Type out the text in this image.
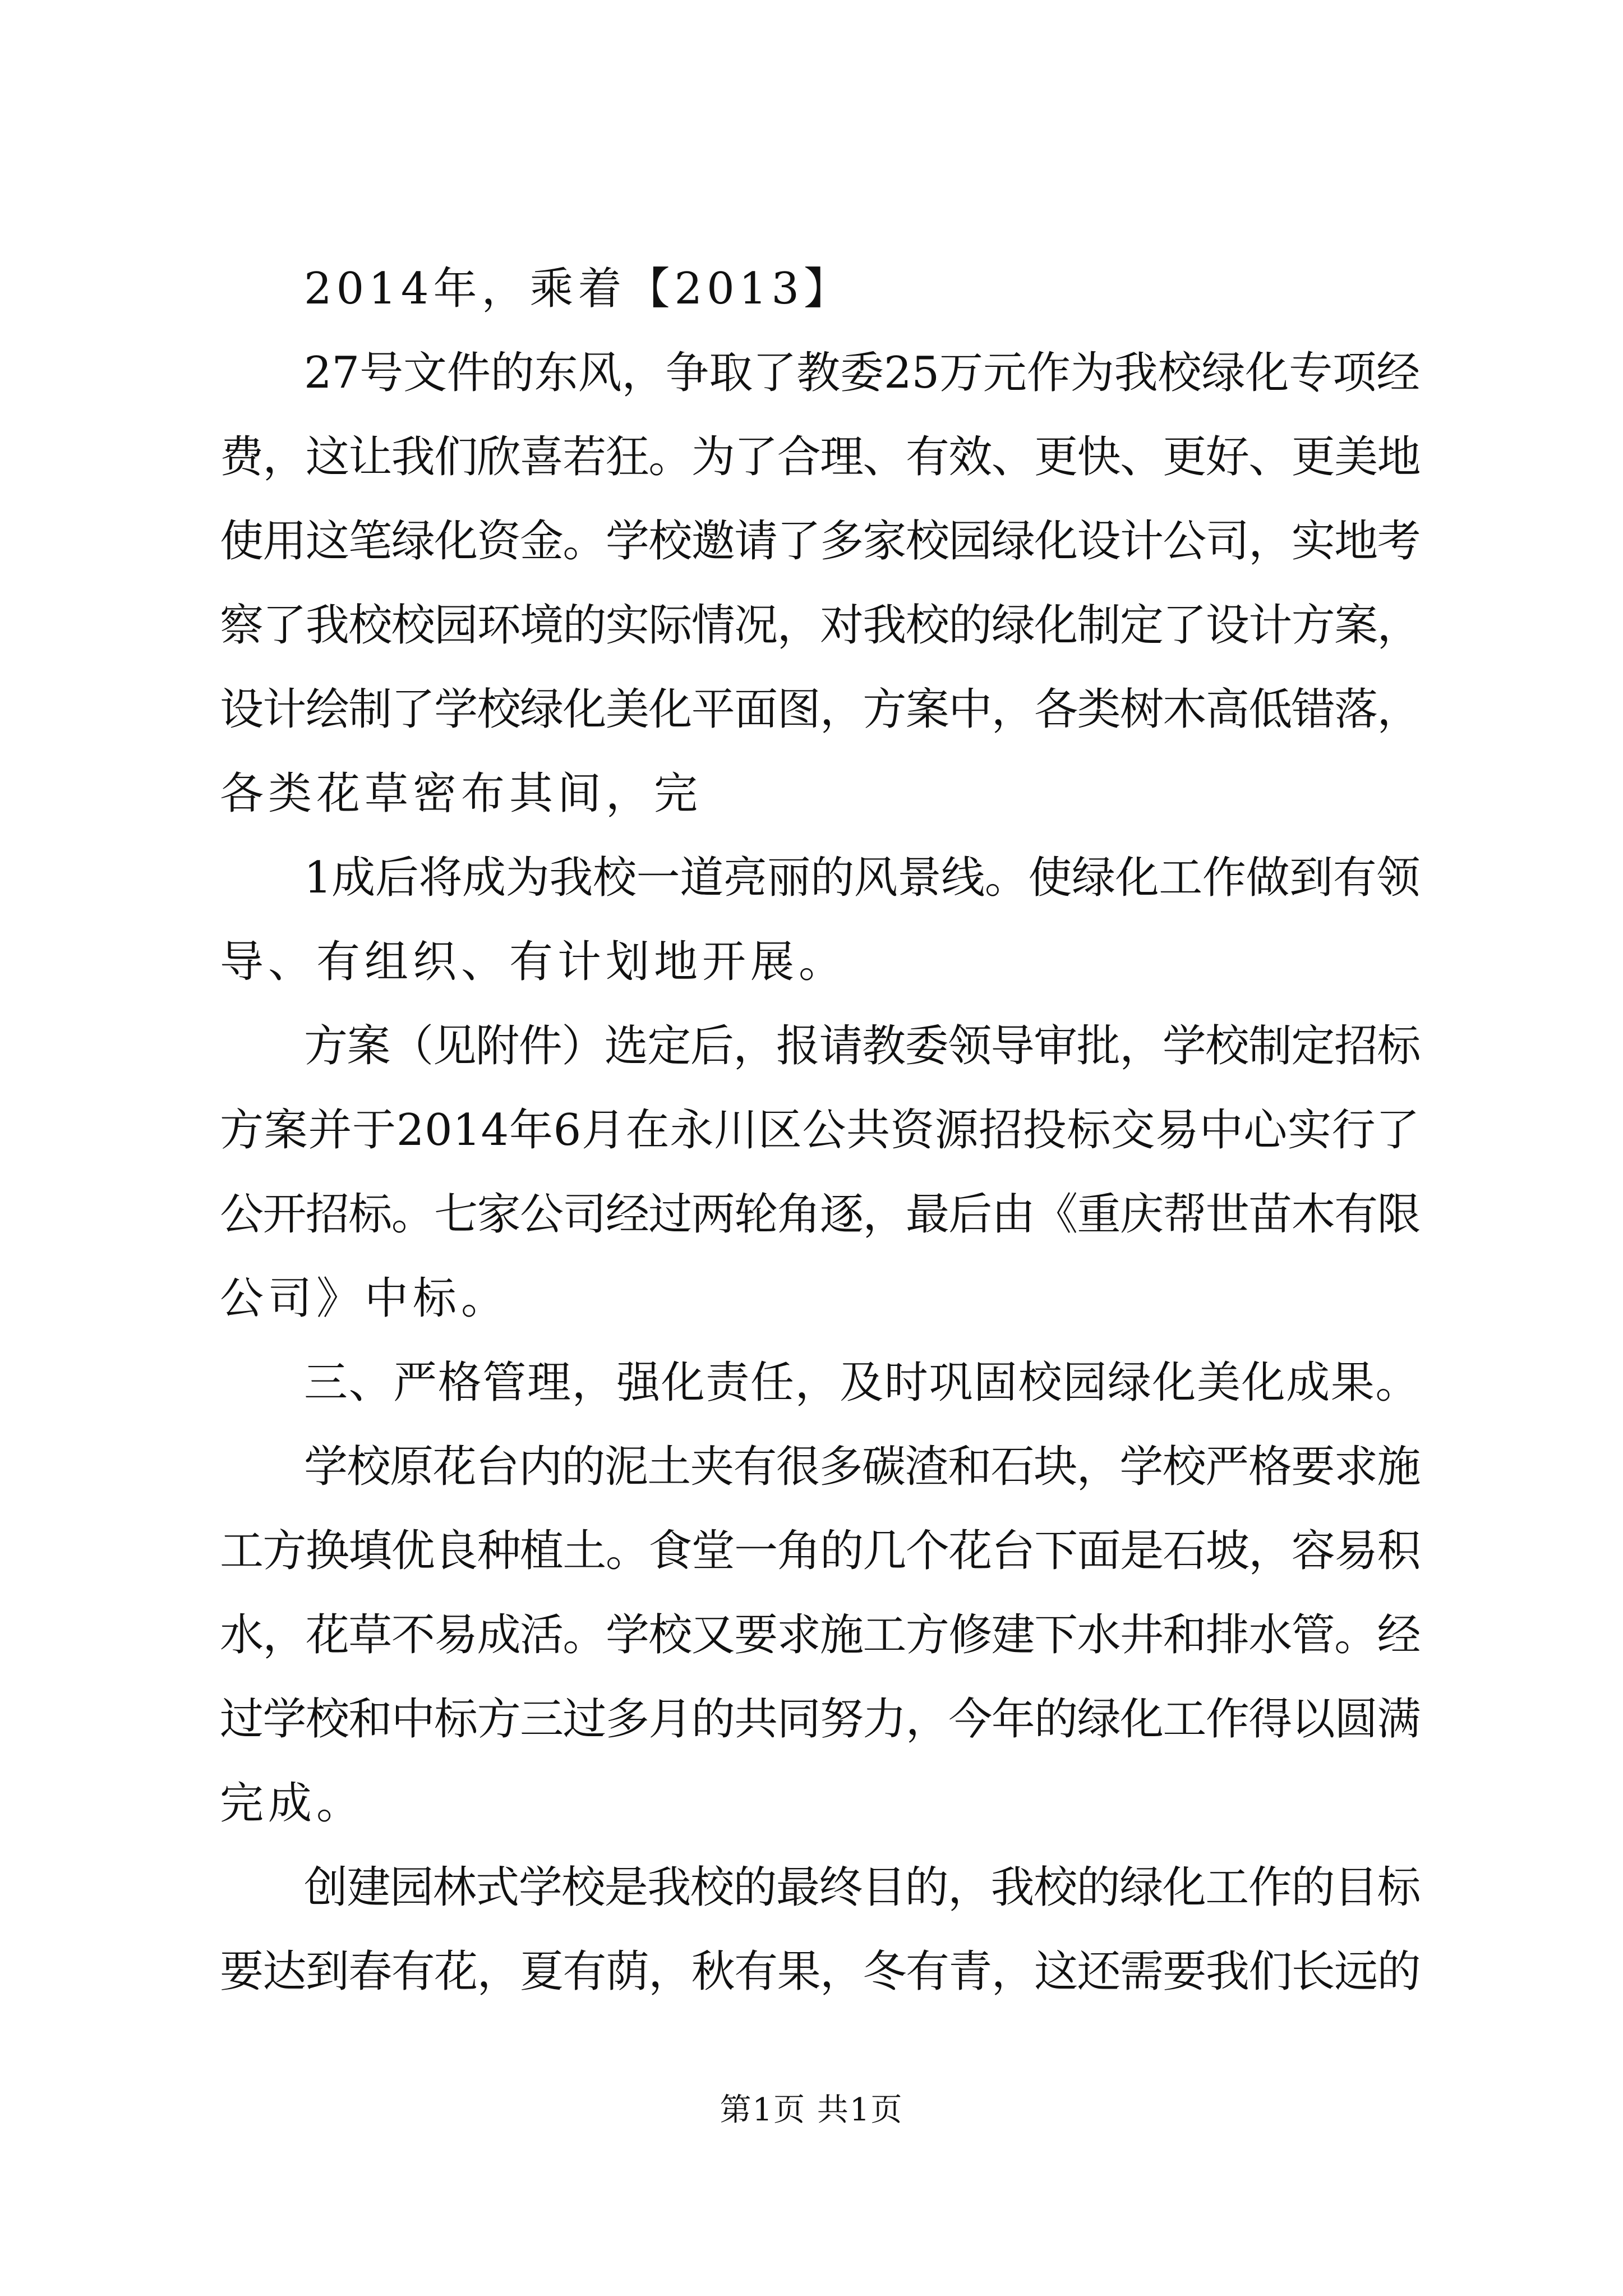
2014年，乘着【2013】
27号文件的东风，争取了教委25万元作为我校绿化专项经
费，这让我们欣喜若狂。为了合理、有效、更快、更好、更美地
使用这笔绿化资金。学校邀请了多家校园绿化设计公司，实地考
察了我校校园环境的实际情况，对我校的绿化制定了设计方案，
设计绘制了学校绿化美化平面图，方案中，各类树木高低错落，
各类花草密布其间，完
1成后将成为我校一道亮丽的风景线。使绿化工作做到有领
导、有组织、有计划地开展。
方案（见附件）选定后，报请教委领导审批，学校制定招标
方案并于2014年6月在永川区公共资源招投标交易中心实行了
公开招标。七家公司经过两轮角逐，最后由《重庆帮世苗木有限
公司》中标。
三、严格管理，强化责任，及时巩固校园绿化美化成果。
学校原花台内的泥土夹有很多碳渣和石块，学校严格要求施
工方换填优良种植土。食堂一角的几个花台下面是石坡，容易积
水，花草不易成活。学校又要求施工方修建下水井和排水管。经
过学校和中标方三过多月的共同努力，今年的绿化工作得以圆满
完成。
创建园林式学校是我校的最终目的，我校的绿化工作的目标
要达到春有花，夏有荫，秋有果，冬有青，这还需要我们长远的
第1页 共1页
